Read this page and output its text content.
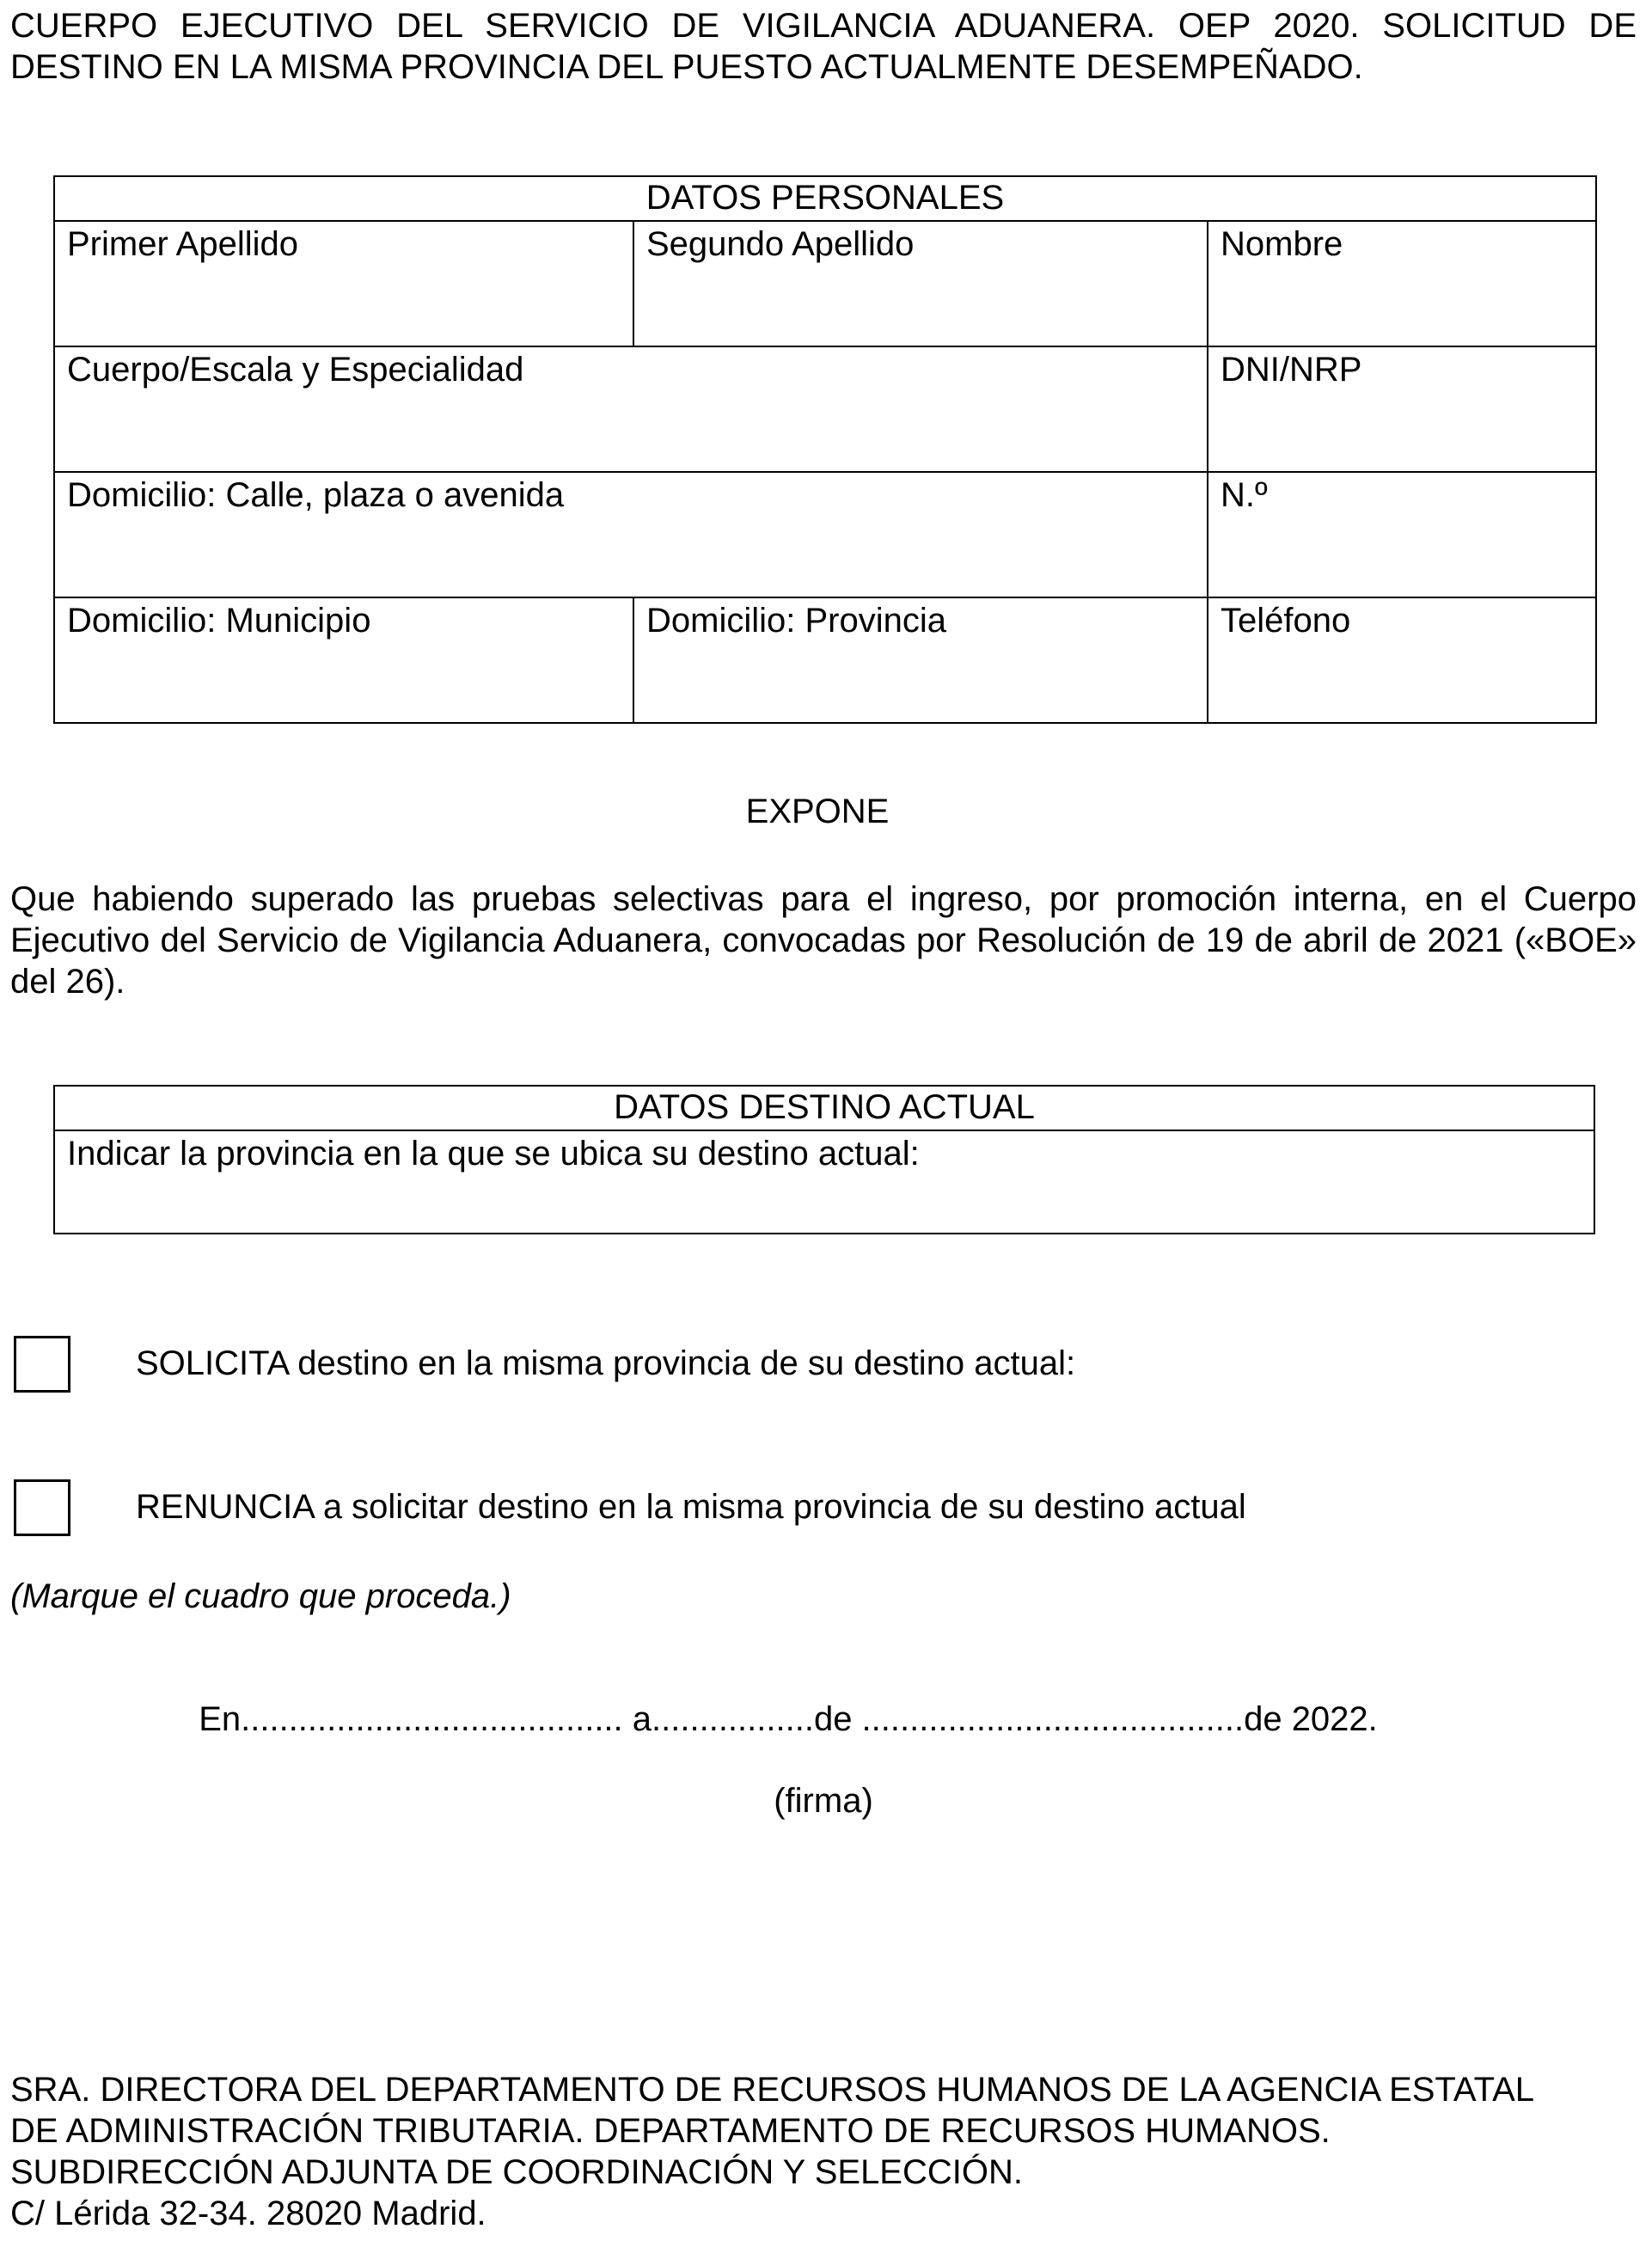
CUERPO EJECUTIVO DEL SERVICIO DE VIGILANCIA ADUANERA. OEP 2020. SOLICITUD DE DESTINO EN LA MISMA PROVINCIA DEL PUESTO ACTUALMENTE DESEMPEÑADO.
DATOS PERSONALES		
Primer Apellido	Segundo Apellido	Nombre
Cuerpo/Escala y Especialidad		DNI/NRP
Domicilio: Calle, plaza o avenida		N.º
Domicilio: Municipio	Domicilio: Provincia	Teléfono
EXPONE
Que habiendo superado las pruebas selectivas para el ingreso, por promoción interna, en el Cuerpo Ejecutivo del Servicio de Vigilancia Aduanera, convocadas por Resolución de 19 de abril de 2021 («BOE» del 26).
DATOS DESTINO ACTUAL
Indicar la provincia en la que se ubica su destino actual:
SOLICITA destino en la misma provincia de su destino actual:
RENUNCIA a solicitar destino en la misma provincia de su destino actual
(Marque el cuadro que proceda.)
En........................................ a.................de ........................................de 2022.
(firma)
SRA. DIRECTORA DEL DEPARTAMENTO DE RECURSOS HUMANOS DE LA AGENCIA ESTATAL
DE ADMINISTRACIÓN TRIBUTARIA. DEPARTAMENTO DE RECURSOS HUMANOS.
SUBDIRECCIÓN ADJUNTA DE COORDINACIÓN Y SELECCIÓN.
C/ Lérida 32-34. 28020 Madrid.
